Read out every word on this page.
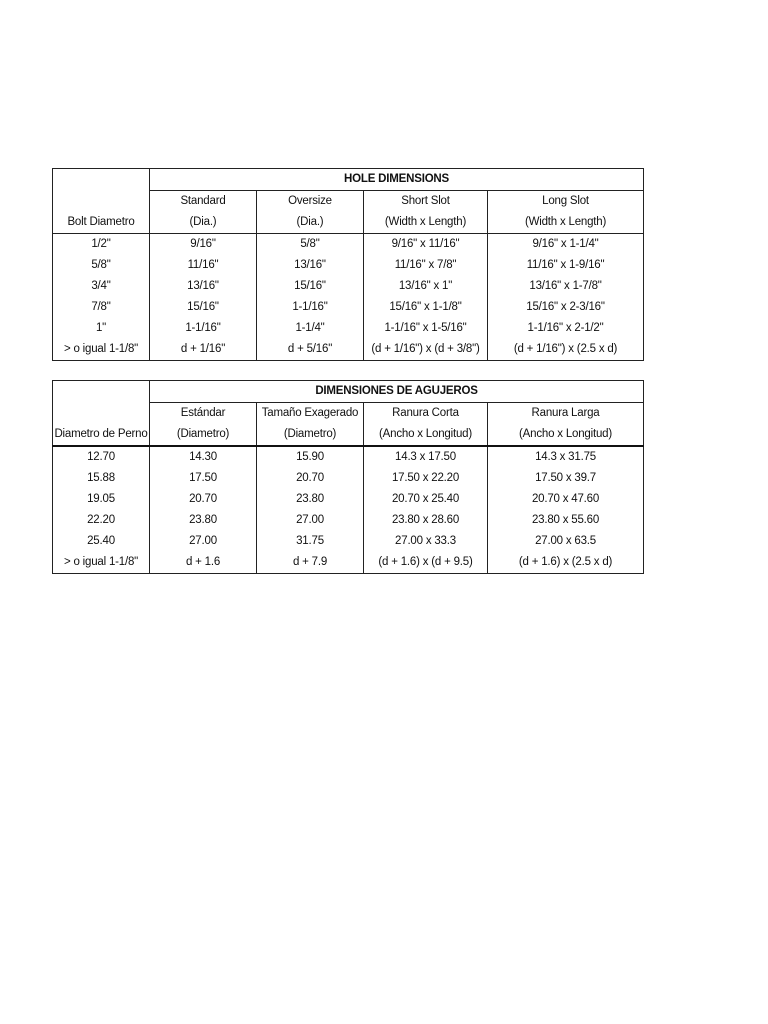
	HOLE DIMENSIONS			
	Standard	Oversize	Short Slot	Long Slot
Bolt Diametro	(Dia.)	(Dia.)	(Width x Length)	(Width x Length)
1/2"	9/16"	5/8"	9/16" x 11/16"	9/16" x 1-1/4"
5/8"	11/16"	13/16"	11/16" x 7/8"	11/16" x 1-9/16"
3/4"	13/16"	15/16"	13/16" x 1"	13/16" x 1-7/8"
7/8"	15/16"	1-1/16"	15/16" x 1-1/8"	15/16" x 2-3/16"
1"	1-1/16"	1-1/4"	1-1/16" x 1-5/16"	1-1/16" x 2-1/2"
> o igual 1-1/8"	d + 1/16"	d + 5/16"	(d + 1/16") x (d + 3/8")	(d + 1/16") x (2.5 x d)
	DIMENSIONES DE AGUJEROS			
	Estándar	Tamaño Exagerado	Ranura Corta	Ranura Larga
Diametro de Perno	(Diametro)	(Diametro)	(Ancho x Longitud)	(Ancho x Longitud)
12.70	14.30	15.90	14.3 x 17.50	14.3 x 31.75
15.88	17.50	20.70	17.50 x 22.20	17.50 x 39.7
19.05	20.70	23.80	20.70 x 25.40	20.70 x 47.60
22.20	23.80	27.00	23.80 x 28.60	23.80 x 55.60
25.40	27.00	31.75	27.00 x 33.3	27.00 x 63.5
> o igual 1-1/8"	d + 1.6	d + 7.9	(d + 1.6) x (d + 9.5)	(d + 1.6) x (2.5 x d)
